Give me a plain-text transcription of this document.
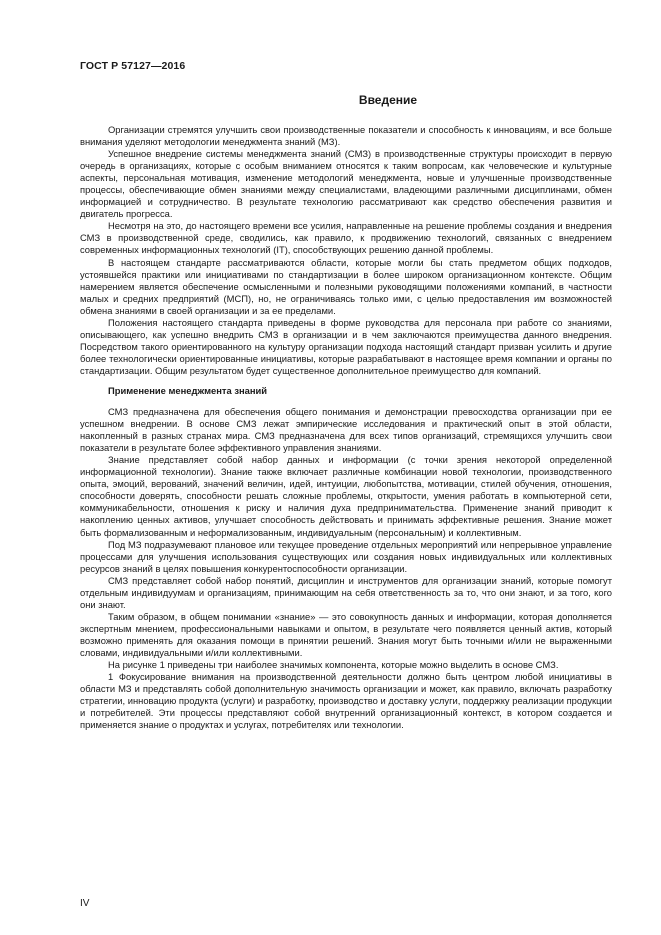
ГОСТ Р 57127—2016
Введение

Организации стремятся улучшить свои производственные показатели и способность к инновациям, и все больше внимания уделяют методологии менеджмента знаний (МЗ).

Успешное внедрение системы менеджмента знаний (СМЗ) в производственные структуры происходит в первую очередь в организациях, которые с особым вниманием относятся к таким вопросам, как человеческие и культурные аспекты, персональная мотивация, изменение методологий менеджмента, новые и улучшенные производственные процессы, обеспечивающие обмен знаниями между специалистами, владеющими различными дисциплинами, обмен информацией и сотрудничество. В результате технологию рассматривают как средство обеспечения развития и двигатель прогресса.

Несмотря на это, до настоящего времени все усилия, направленные на решение проблемы создания и внедрения СМЗ в производственной среде, сводились, как правило, к продвижению технологий, связанных с внедрением современных информационных технологий (IT), способствующих решению данной проблемы.

В настоящем стандарте рассматриваются области, которые могли бы стать предметом общих подходов, устоявшейся практики или инициативами по стандартизации в более широком организационном контексте. Общим намерением является обеспечение осмысленными и полезными руководящими положениями компаний, в частности малых и средних предприятий (МСП), но, не ограничиваясь только ими, с целью предоставления им возможностей обмена знаниями в своей организации и за ее пределами.

Положения настоящего стандарта приведены в форме руководства для персонала при работе со знаниями, описывающего, как успешно внедрить СМЗ в организации и в чем заключаются преимущества данного внедрения. Посредством такого ориентированного на культуру организации подхода настоящий стандарт призван усилить и другие более технологически ориентированные инициативы, которые разрабатывают в настоящее время компании и органы по стандартизации. Общим результатом будет существенное дополнительное преимущество для компаний.

Применение менеджмента знаний

СМЗ предназначена для обеспечения общего понимания и демонстрации превосходства организации при ее успешном внедрении. В основе СМЗ лежат эмпирические исследования и практический опыт в этой области, накопленный в разных странах мира. СМЗ предназначена для всех типов организаций, стремящихся улучшить свои показатели в результате более эффективного управления знаниями.

Знание представляет собой набор данных и информации (с точки зрения некоторой определенной информационной технологии). Знание также включает различные комбинации новой технологии, производственного опыта, эмоций, верований, значений величин, идей, интуиции, любопытства, мотивации, стилей обучения, отношения, способности доверять, способности решать сложные проблемы, открытости, умения работать в компьютерной сети, коммуникабельности, отношения к риску и наличия духа предпринимательства. Применение знаний приводит к накоплению ценных активов, улучшает способность действовать и принимать эффективные решения. Знание может быть формализованным и неформализованным, индивидуальным (персональным) и коллективным.

Под МЗ подразумевают плановое или текущее проведение отдельных мероприятий или непрерывное управление процессами для улучшения использования существующих или создания новых индивидуальных или коллективных ресурсов знаний в целях повышения конкурентоспособности организации.

СМЗ представляет собой набор понятий, дисциплин и инструментов для организации знаний, которые помогут отдельным индивидуумам и организациям, принимающим на себя ответственность за то, что они знают, и за того, кого они знают.

Таким образом, в общем понимании «знание» — это совокупность данных и информации, которая дополняется экспертным мнением, профессиональными навыками и опытом, в результате чего появляется ценный актив, который возможно применять для оказания помощи в принятии решений. Знания могут быть точными и/или не выраженными словами, индивидуальными и/или коллективными.

На рисунке 1 приведены три наиболее значимых компонента, которые можно выделить в основе СМЗ.

1 Фокусирование внимания на производственной деятельности должно быть центром любой инициативы в области МЗ и представлять собой дополнительную значимость организации и может, как правило, включать разработку стратегии, инновацию продукта (услуги) и разработку, производство и доставку услуги, поддержку реализации продукции и потребителей. Эти процессы представляют собой внутренний организационный контекст, в котором создается и применяется знание о продуктах и услугах, потребителях или технологии.

IV
